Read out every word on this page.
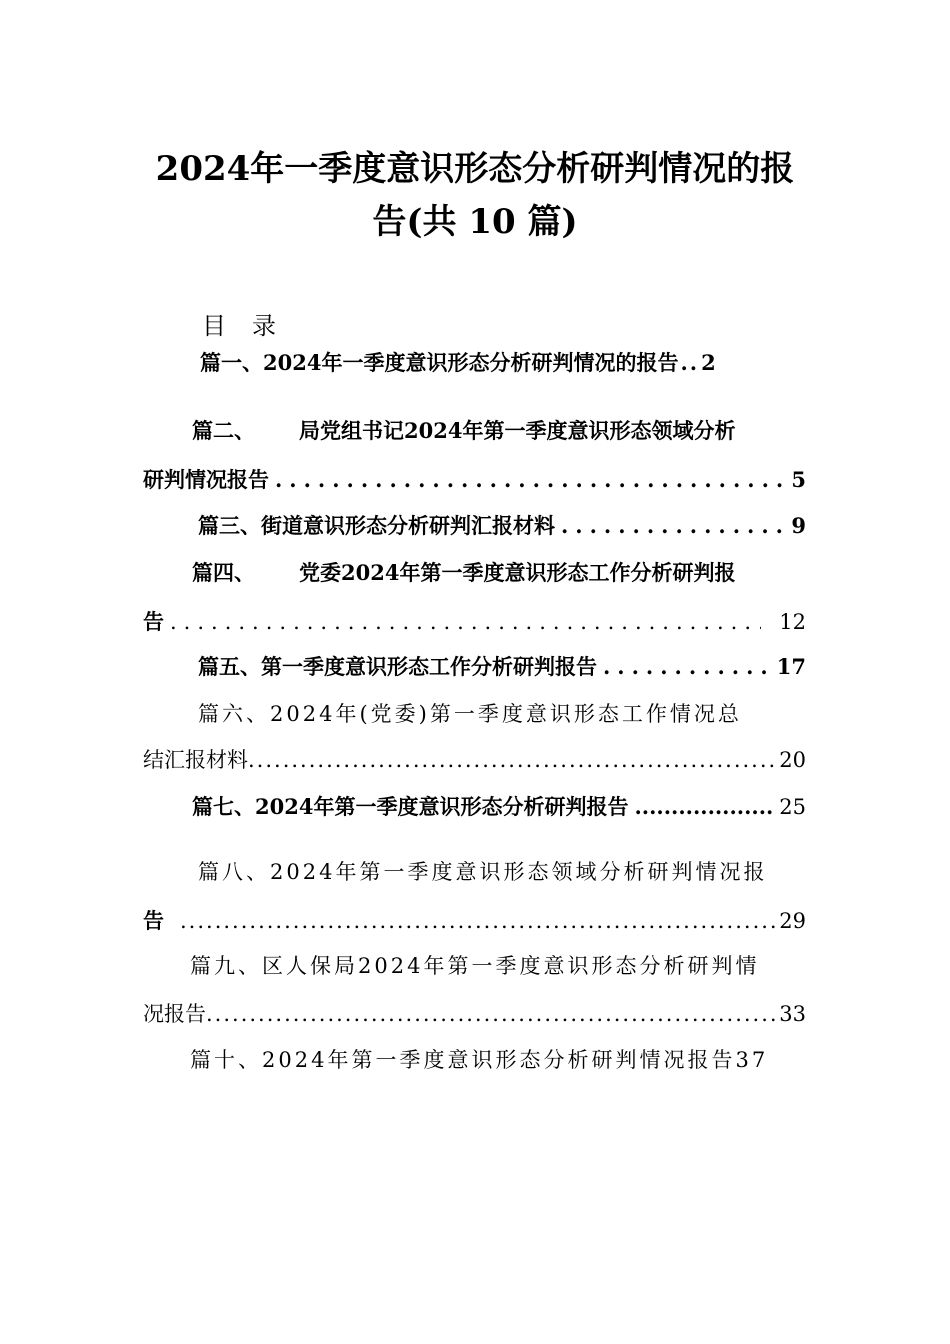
2024年一季度意识形态分析研判情况的报
告(共 10 篇)
目录
篇一、2024年一季度意识形态分析研判情况的报告 .. 2
篇二、 局党组书记2024年第一季度意识形态领域分析
研判情况报告 .....	5
篇三、街道意识形态分析研判汇报材料 .....	9
篇四、 党委2024年第一季度意识形态工作分析研判报
告 .....	12
篇五、第一季度意识形态工作分析研判报告 .....	17
篇六、2024年(党委)第一季度意识形态工作情况总
结汇报材料 .....	20
篇七、2024年第一季度意识形态分析研判报告 .....	25
篇八、2024年第一季度意识形态领域分析研判情况报
告 .....	29
篇九、区人保局2024年第一季度意识形态分析研判情
况报告 .....	33
篇十、2024年第一季度意识形态分析研判情况报告 37
